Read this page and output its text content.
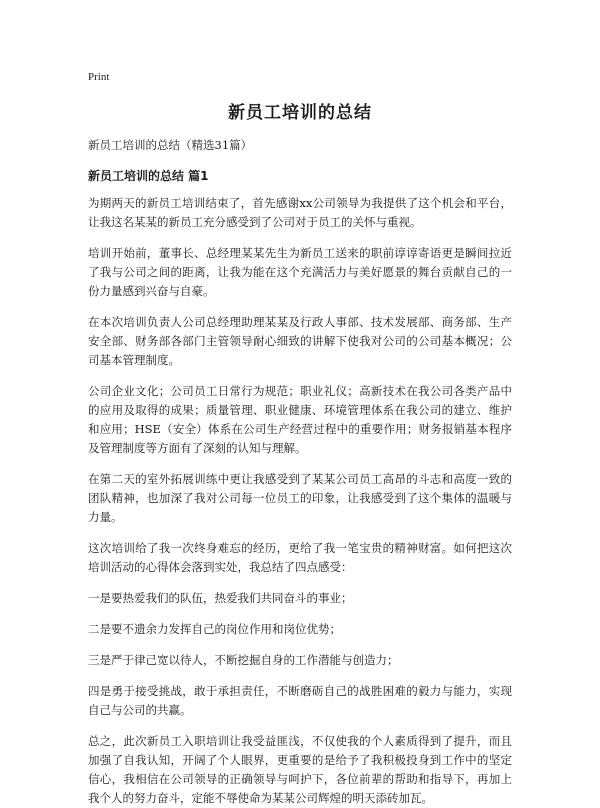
Print
新员工培训的总结
新员工培训的总结（精选31篇）
新员工培训的总结 篇1

为期两天的新员工培训结束了，首先感谢xx公司领导为我提供了这个机会和平台，让我这名某某的新员工充分感受到了公司对于员工的关怀与重视。

培训开始前，董事长、总经理某某先生为新员工送来的职前谆谆寄语更是瞬间拉近了我与公司之间的距离，让我为能在这个充满活力与美好愿景的舞台贡献自己的一份力量感到兴奋与自豪。

在本次培训负责人公司总经理助理某某及行政人事部、技术发展部、商务部、生产安全部、财务部各部门主管领导耐心细致的讲解下使我对公司的公司基本概况；公司基本管理制度。

公司企业文化；公司员工日常行为规范；职业礼仪；高新技术在我公司各类产品中的应用及取得的成果；质量管理、职业健康、环境管理体系在我公司的建立、维护和应用；HSE（安全）体系在公司生产经营过程中的重要作用；财务报销基本程序及管理制度等方面有了深刻的认知与理解。

在第二天的室外拓展训练中更让我感受到了某某公司员工高昂的斗志和高度一致的团队精神，也加深了我对公司每一位员工的印象，让我感受到了这个集体的温暖与力量。

这次培训给了我一次终身难忘的经历，更给了我一笔宝贵的精神财富。如何把这次培训活动的心得体会落到实处，我总结了四点感受：

一是要热爱我们的队伍，热爱我们共同奋斗的事业；

二是要不遗余力发挥自己的岗位作用和岗位优势；

三是严于律己宽以待人，不断挖掘自身的工作潜能与创造力；

四是勇于接受挑战，敢于承担责任，不断磨砺自己的战胜困难的毅力与能力，实现自己与公司的共赢。

总之，此次新员工入职培训让我受益匪浅，不仅使我的个人素质得到了提升，而且加强了自我认知，开阔了个人眼界，更重要的是给予了我积极投身到工作中的坚定信心，我相信在公司领导的正确领导与呵护下，各位前辈的帮助和指导下，再加上我个人的努力奋斗，定能不辱使命为某某公司辉煌的明天添砖加瓦。
